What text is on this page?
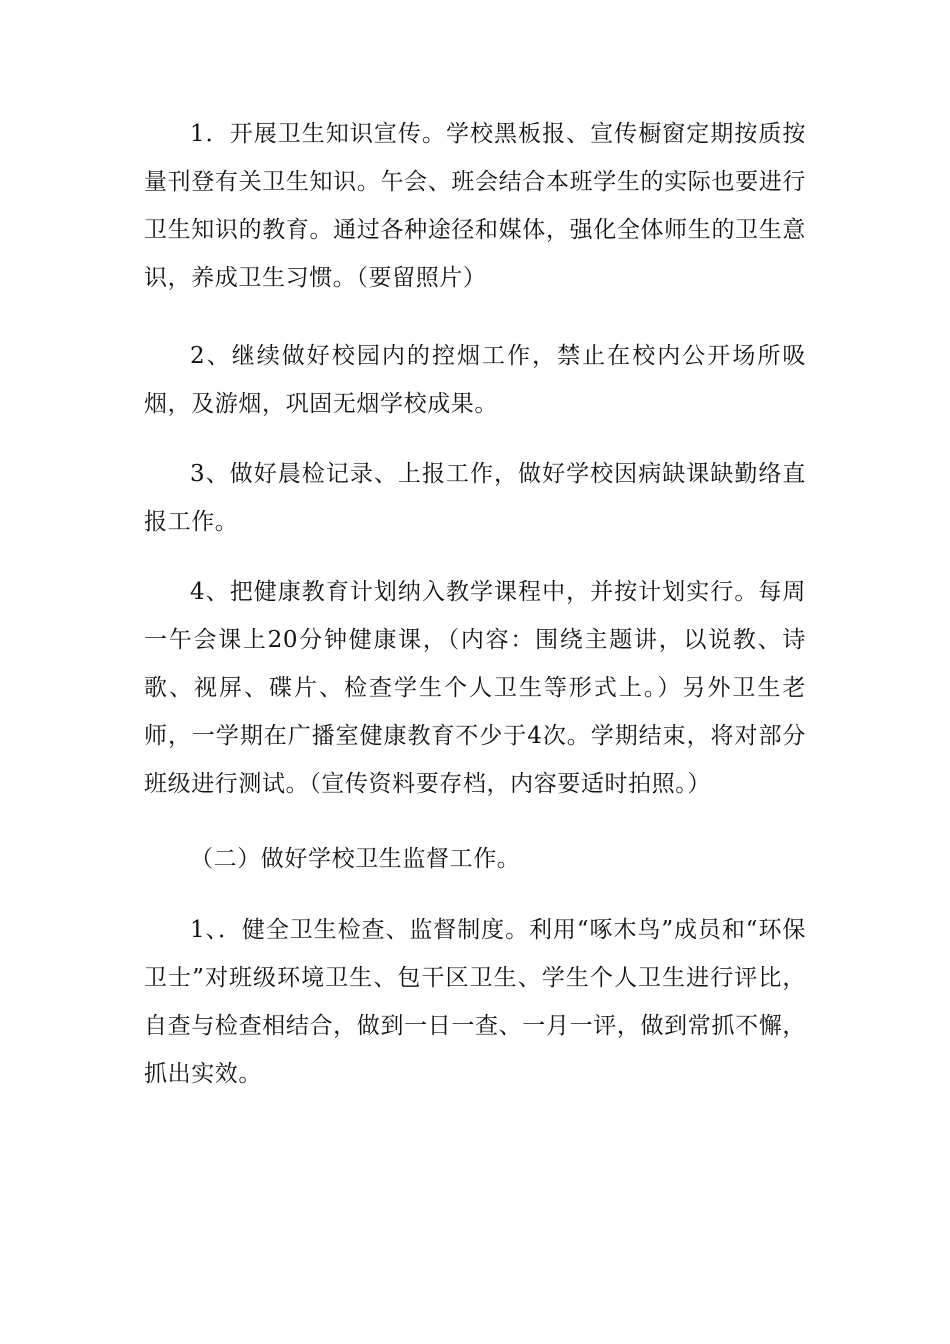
1．开展卫生知识宣传。学校黑板报、宣传橱窗定期按质按量刊登有关卫生知识。午会、班会结合本班学生的实际也要进行卫生知识的教育。通过各种途径和媒体，强化全体师生的卫生意识，养成卫生习惯。（要留照片）

2、继续做好校园内的控烟工作，禁止在校内公开场所吸烟，及游烟，巩固无烟学校成果。

3、做好晨检记录、上报工作，做好学校因病缺课缺勤络直报工作。

4、把健康教育计划纳入教学课程中，并按计划实行。每周一午会课上20分钟健康课，（内容：围绕主题讲，以说教、诗歌、视屏、碟片、检查学生个人卫生等形式上。）另外卫生老师，一学期在广播室健康教育不少于4次。学期结束，将对部分班级进行测试。（宣传资料要存档，内容要适时拍照。）

（二）做好学校卫生监督工作。

1、．健全卫生检查、监督制度。利用“啄木鸟”成员和“环保卫士”对班级环境卫生、包干区卫生、学生个人卫生进行评比，自查与检查相结合，做到一日一查、一月一评，做到常抓不懈，抓出实效。
